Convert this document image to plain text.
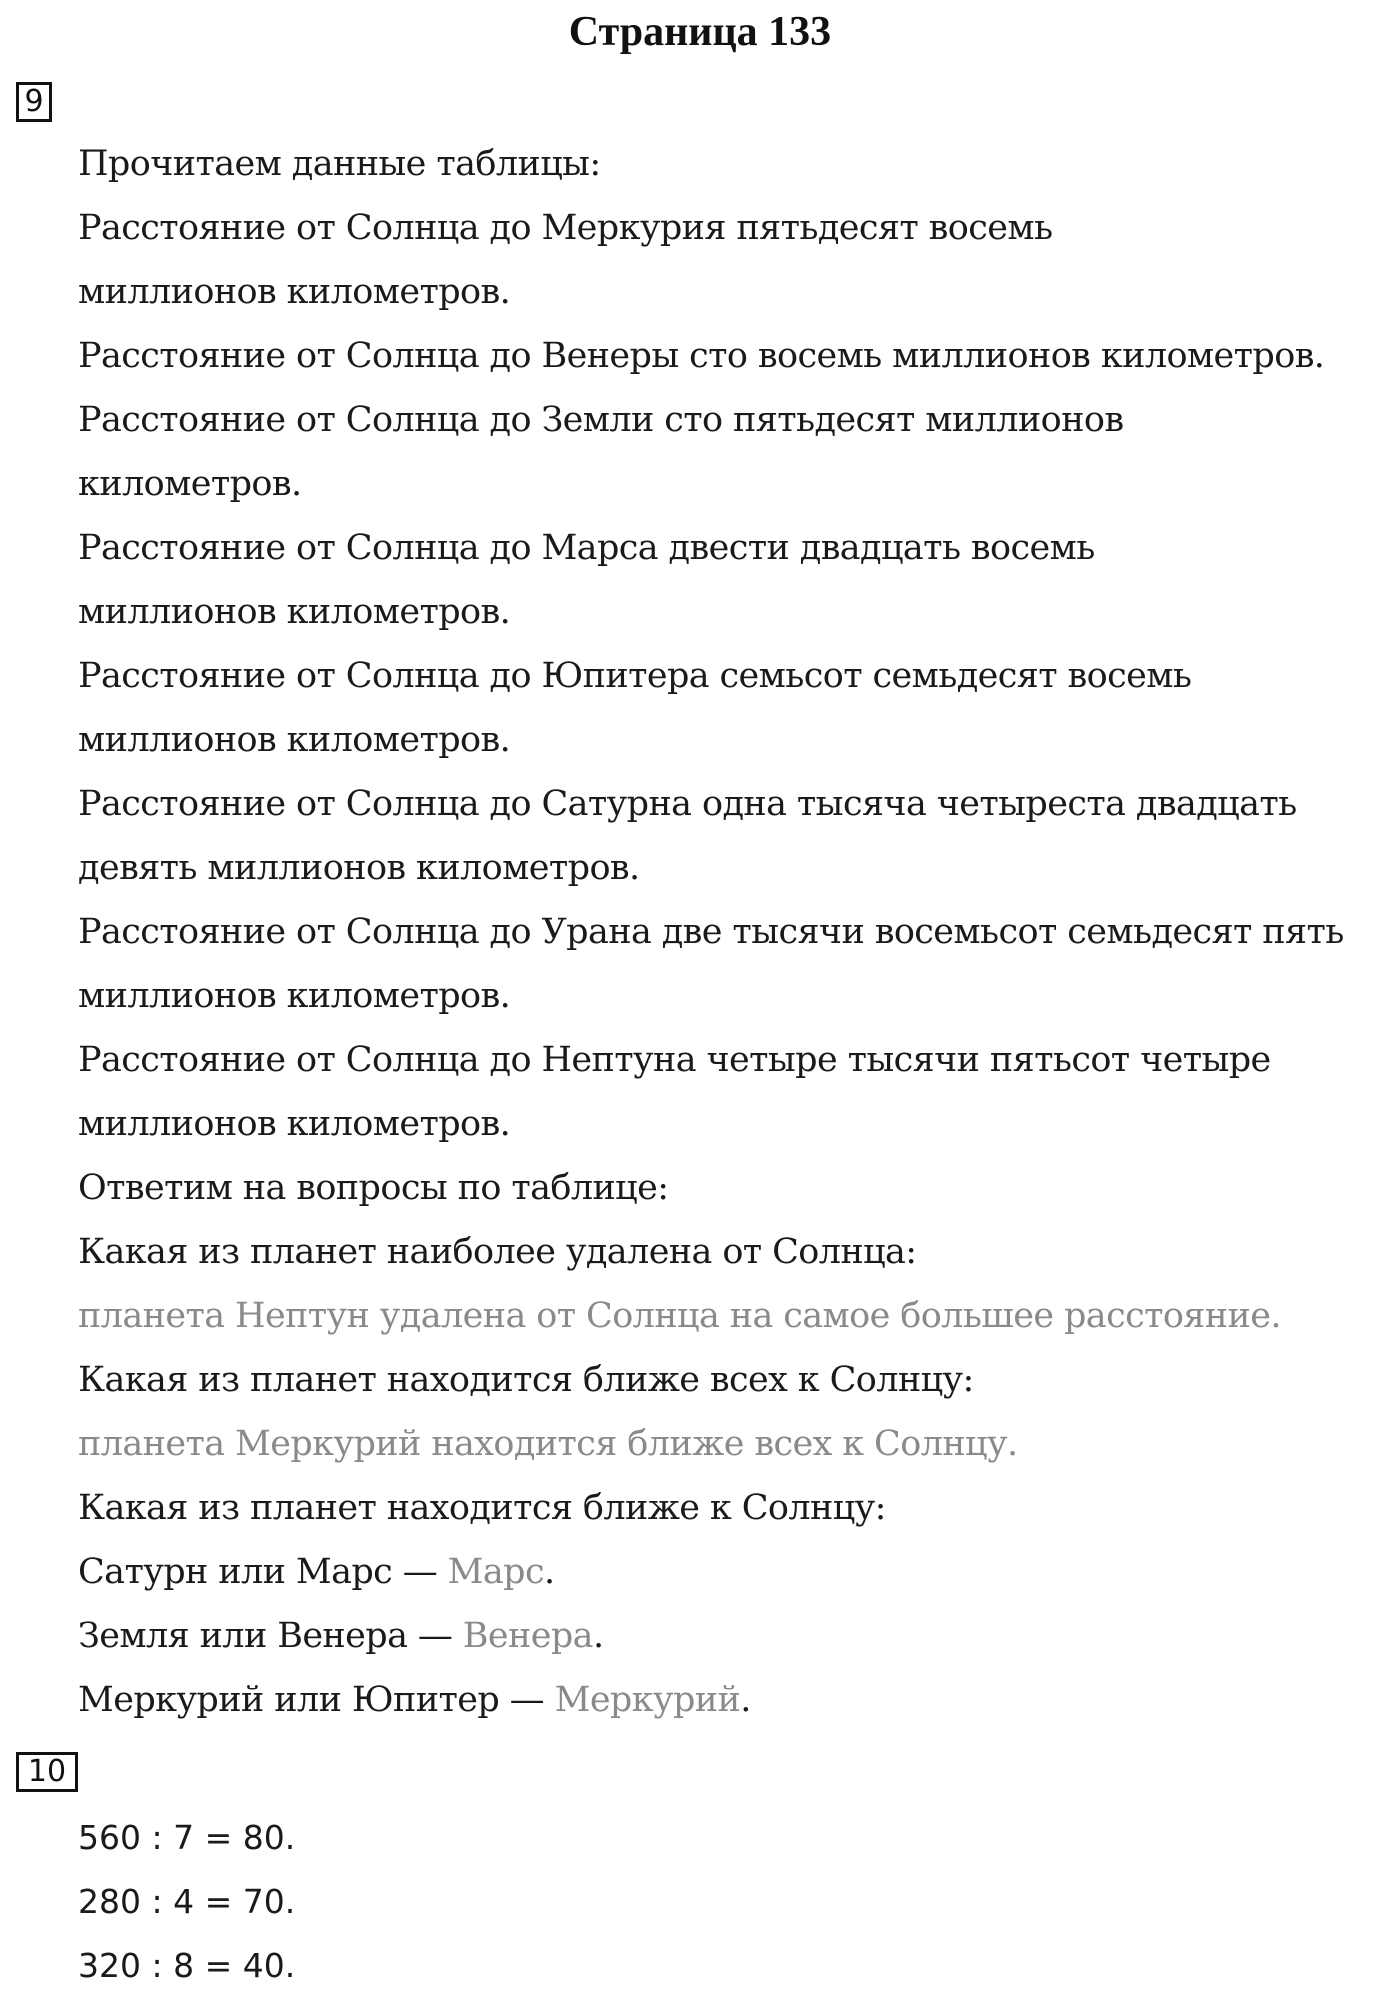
Страница 133
9
Прочитаем данные таблицы:
Расстояние от Солнца до Меркурия пятьдесят восемь
миллионов километров.
Расстояние от Солнца до Венеры сто восемь миллионов километров.
Расстояние от Солнца до Земли сто пятьдесят миллионов
километров.
Расстояние от Солнца до Марса двести двадцать восемь
миллионов километров.
Расстояние от Солнца до Юпитера семьсот семьдесят восемь
миллионов километров.
Расстояние от Солнца до Сатурна одна тысяча четыреста двадцать
девять миллионов километров.
Расстояние от Солнца до Урана две тысячи восемьсот семьдесят пять
миллионов километров.
Расстояние от Солнца до Нептуна четыре тысячи пятьсот четыре
миллионов километров.
Ответим на вопросы по таблице:
Какая из планет наиболее удалена от Солнца:
планета Нептун удалена от Солнца на самое большее расстояние.
Какая из планет находится ближе всех к Солнцу:
планета Меркурий находится ближе всех к Солнцу.
Какая из планет находится ближе к Солнцу:
Сатурн или Марс — Марс.
Земля или Венера — Венера.
Меркурий или Юпитер — Меркурий.
10
560 : 7 = 80.
280 : 4 = 70.
320 : 8 = 40.
